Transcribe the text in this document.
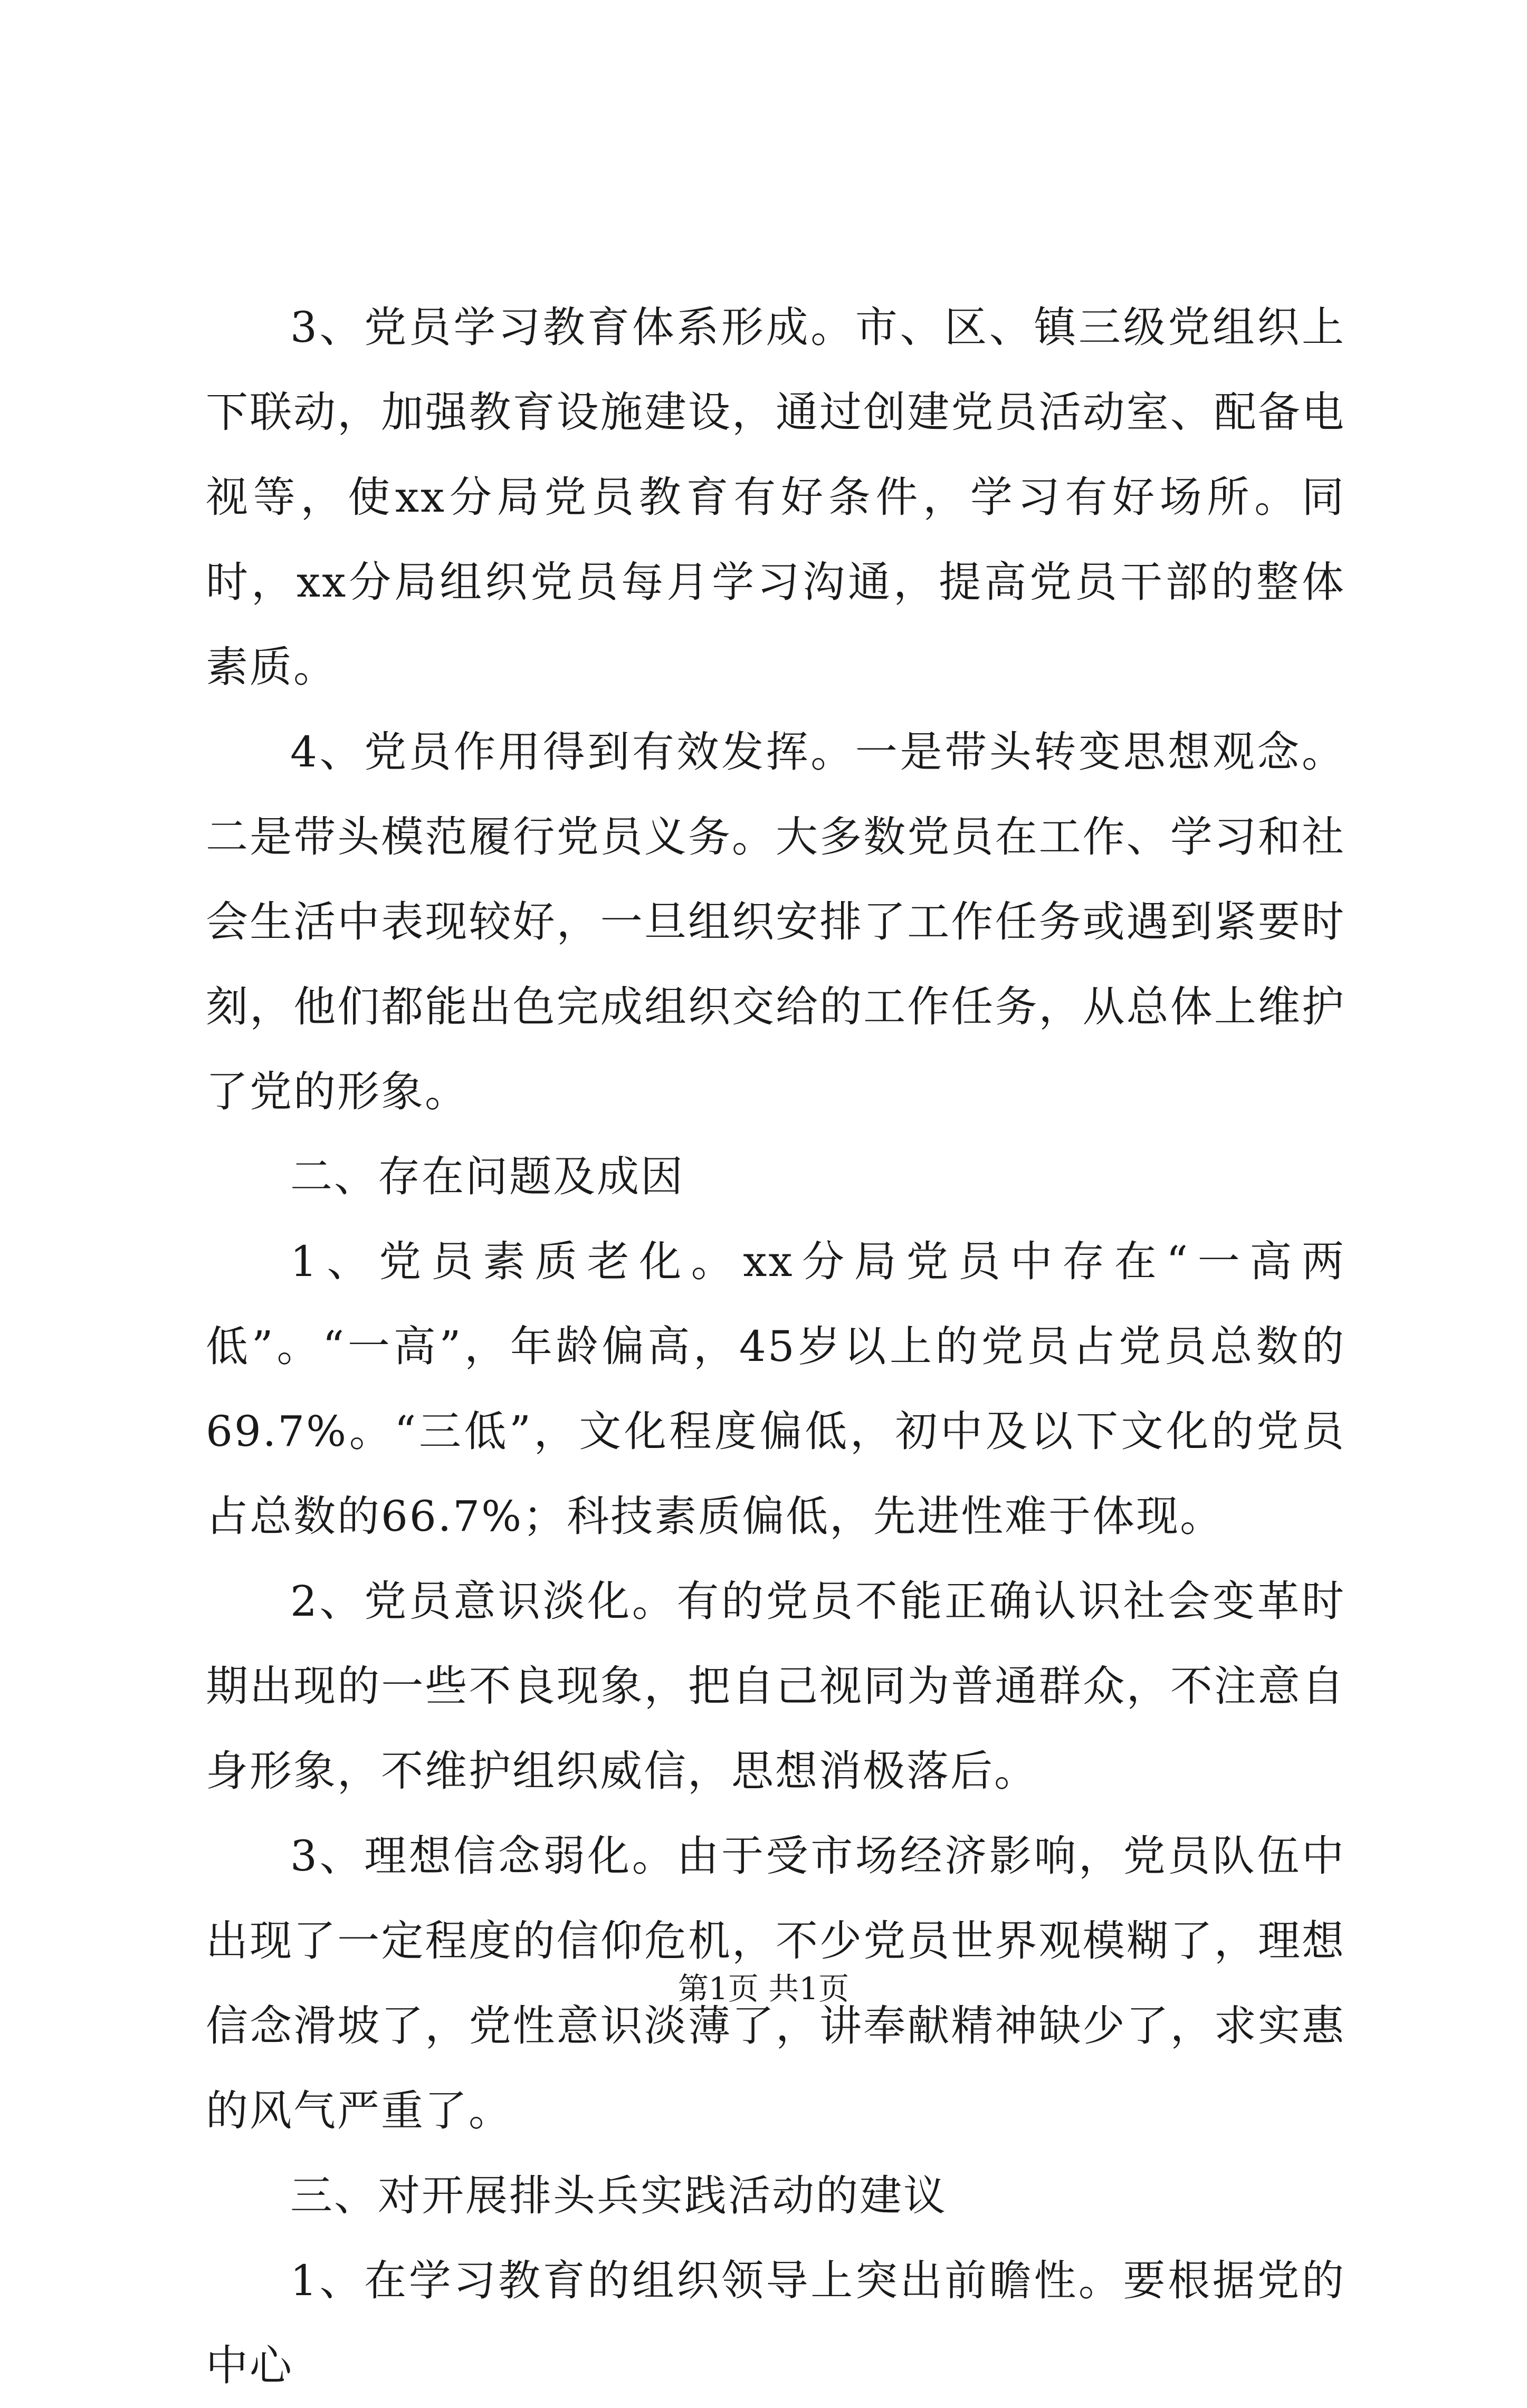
3、党员学习教育体系形成。市、区、镇三级党组织上下联动，加强教育设施建设，通过创建党员活动室、配备电视等，使xx分局党员教育有好条件，学习有好场所。同时，xx分局组织党员每月学习沟通，提高党员干部的整体素质。

4、党员作用得到有效发挥。一是带头转变思想观念。二是带头模范履行党员义务。大多数党员在工作、学习和社会生活中表现较好，一旦组织安排了工作任务或遇到紧要时刻，他们都能出色完成组织交给的工作任务，从总体上维护了党的形象。

二、存在问题及成因

1、党员素质老化。xx分局党员中存在“一高两低”。“一高”，年龄偏高，45岁以上的党员占党员总数的69.7%。“三低”，文化程度偏低，初中及以下文化的党员占总数的66.7%；科技素质偏低，先进性难于体现。

2、党员意识淡化。有的党员不能正确认识社会变革时期出现的一些不良现象，把自己视同为普通群众，不注意自身形象，不维护组织威信，思想消极落后。

3、理想信念弱化。由于受市场经济影响，党员队伍中出现了一定程度的信仰危机，不少党员世界观模糊了，理想信念滑坡了，党性意识淡薄了，讲奉献精神缺少了，求实惠的风气严重了。

三、对开展排头兵实践活动的建议

1、在学习教育的组织领导上突出前瞻性。要根据党的中心

第1页 共1页
